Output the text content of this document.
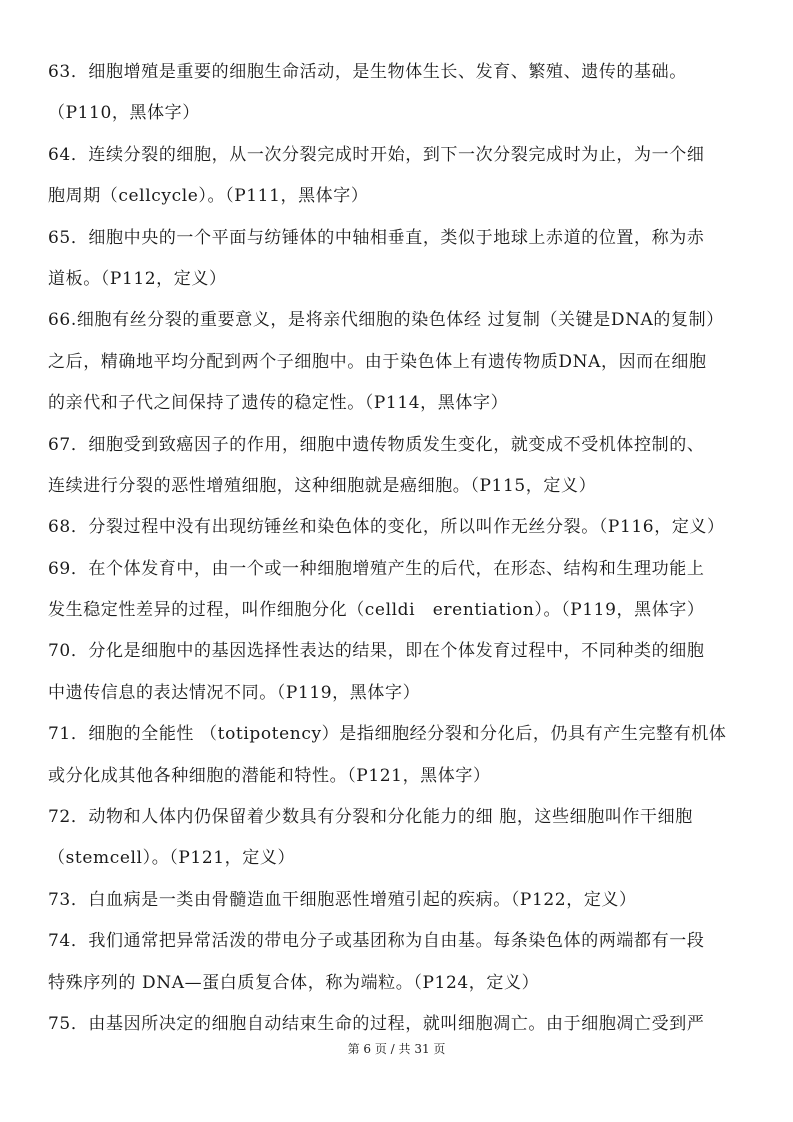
63．细胞增殖是重要的细胞生命活动，是生物体生长、发育、繁殖、遗传的基础。
（P110，黑体字）
64．连续分裂的细胞，从一次分裂完成时开始，到下一次分裂完成时为止，为一个细
胞周期（cellcycle）。（P111，黑体字）
65．细胞中央的一个平面与纺锤体的中轴相垂直，类似于地球上赤道的位置，称为赤
道板。（P112，定义）
66.细胞有丝分裂的重要意义，是将亲代细胞的染色体经 过复制（关键是DNA的复制）
之后，精确地平均分配到两个子细胞中。由于染色体上有遗传物质DNA，因而在细胞
的亲代和子代之间保持了遗传的稳定性。（P114，黑体字）
67．细胞受到致癌因子的作用，细胞中遗传物质发生变化，就变成不受机体控制的、
连续进行分裂的恶性增殖细胞，这种细胞就是癌细胞。（P115，定义）
68．分裂过程中没有出现纺锤丝和染色体的变化，所以叫作无丝分裂。（P116，定义）
69．在个体发育中，由一个或一种细胞增殖产生的后代，在形态、结构和生理功能上
发生稳定性差异的过程，叫作细胞分化（celldi　erentiation）。（P119，黑体字）
70．分化是细胞中的基因选择性表达的结果，即在个体发育过程中，不同种类的细胞
中遗传信息的表达情况不同。（P119，黑体字）
71．细胞的全能性 （totipotency）是指细胞经分裂和分化后，仍具有产生完整有机体
或分化成其他各种细胞的潜能和特性。（P121，黑体字）
72．动物和人体内仍保留着少数具有分裂和分化能力的细 胞，这些细胞叫作干细胞
（stemcell）。（P121，定义）
73．白血病是一类由骨髓造血干细胞恶性增殖引起的疾病。（P122，定义）
74．我们通常把异常活泼的带电分子或基团称为自由基。每条染色体的两端都有一段
特殊序列的 DNA—蛋白质复合体，称为端粒。（P124，定义）
75．由基因所决定的细胞自动结束生命的过程，就叫细胞凋亡。由于细胞凋亡受到严
第 6 页 / 共 31 页
